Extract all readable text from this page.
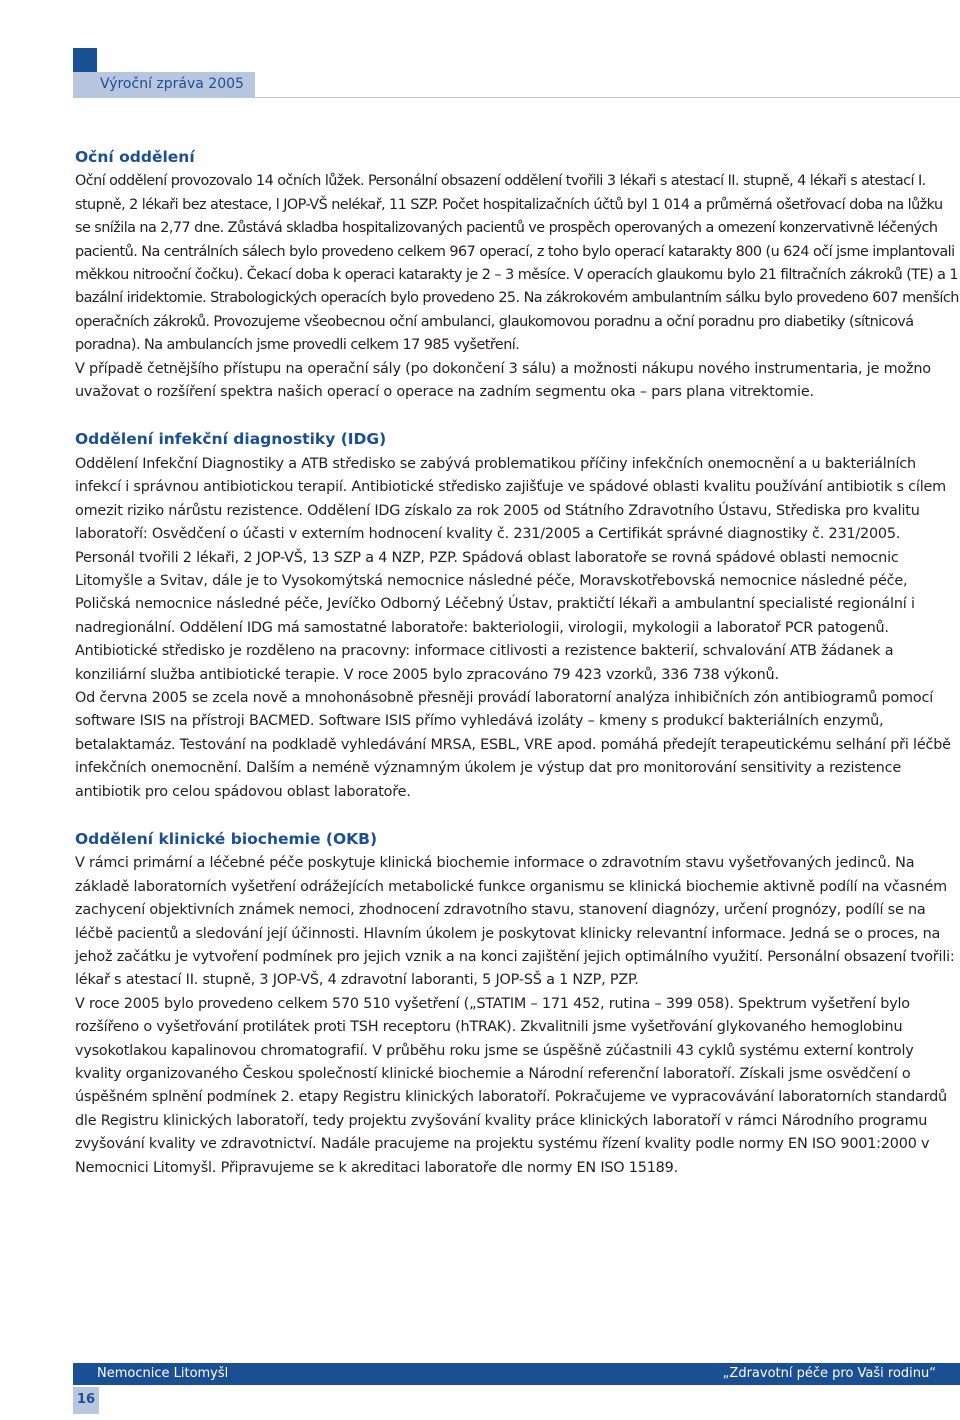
Výroční zpráva 2005
Oční oddělení

Oční oddělení provozovalo 14 očních lůžek. Personální obsazení oddělení tvořili 3 lékaři s atestací II. stupně, 4 lékaři s atestací I. stupně, 2 lékaři bez atestace, l JOP-VŠ nelékař, 11 SZP. Počet hospitalizačních účtů byl 1 014 a průměrná ošetřovací doba na lůžku se snížila na 2,77 dne. Zůstává skladba hospitalizovaných pacientů ve prospěch operovaných a omezení konzervativně léčených pacientů. Na centrálních sálech bylo provedeno celkem 967 operací, z toho bylo operací katarakty 800 (u 624 očí jsme implantovali měkkou nitrooční čočku). Čekací doba k operaci katarakty je 2 – 3 měsíce. V operacích glaukomu bylo 21 filtračních zákroků (TE) a 1 bazální iridektomie. Strabologických operacích bylo provedeno 25. Na zákrokovém ambulantním sálku bylo provedeno 607 menších operačních zákroků. Provozujeme všeobecnou oční ambulanci, glaukomovou poradnu a oční poradnu pro diabetiky (sítnicová poradna). Na ambulancích jsme provedli celkem 17 985 vyšetření.

V případě četnějšího přístupu na operační sály (po dokončení 3 sálu) a možnosti nákupu nového instrumentaria, je možno uvažovat o rozšíření spektra našich operací o operace na zadním segmentu oka – pars plana vitrektomie.

Oddělení infekční diagnostiky (IDG)

Oddělení Infekční Diagnostiky a ATB středisko se zabývá problematikou příčiny infekčních onemocnění a u bakteriálních infekcí i správnou antibiotickou terapií. Antibiotické středisko zajišťuje ve spádové oblasti kvalitu používání antibiotik s cílem omezit riziko nárůstu rezistence. Oddělení IDG získalo za rok 2005 od Státního Zdravotního Ústavu, Střediska pro kvalitu laboratoří: Osvědčení o účasti v externím hodnocení kvality č. 231/2005 a Certifikát správné diagnostiky č. 231/2005. Personál tvořili 2 lékaři, 2 JOP-VŠ, 13 SZP a 4 NZP, PZP. Spádová oblast laboratoře se rovná spádové oblasti nemocnic Litomyšle a Svitav, dále je to Vysokomýtská nemocnice následné péče, Moravskotřebovská nemocnice následné péče, Poličská nemocnice následné péče, Jevíčko Odborný Léčebný Ústav, praktičtí lékaři a ambulantní specialisté regionální i nadregionální. Oddělení IDG má samostatné laboratoře: bakteriologii, virologii, mykologii a laboratoř PCR patogenů. Antibiotické středisko je rozděleno na pracovny: informace citlivosti a rezistence bakterií, schvalování ATB žádanek a konziliární služba antibiotické terapie. V roce 2005 bylo zpracováno 79 423 vzorků, 336 738 výkonů.

Od června 2005 se zcela nově a mnohonásobně přesněji provádí laboratorní analýza inhibičních zón antibiogramů pomocí software ISIS na přístroji BACMED. Software ISIS přímo vyhledává izoláty – kmeny s produkcí bakteriálních enzymů, betalaktamáz. Testování na podkladě vyhledávání MRSA, ESBL, VRE apod. pomáhá předejít terapeutickému selhání při léčbě infekčních onemocnění. Dalším a neméně významným úkolem je výstup dat pro monitorování sensitivity a rezistence antibiotik pro celou spádovou oblast laboratoře.

Oddělení klinické biochemie (OKB)

V rámci primární a léčebné péče poskytuje klinická biochemie informace o zdravotním stavu vyšetřovaných jedinců. Na základě laboratorních vyšetření odrážejících metabolické funkce organismu se klinická biochemie aktivně podílí na včasném zachycení objektivních známek nemoci, zhodnocení zdravotního stavu, stanovení diagnózy, určení prognózy, podílí se na léčbě pacientů a sledování její účinnosti. Hlavním úkolem je poskytovat klinicky relevantní informace. Jedná se o proces, na jehož začátku je vytvoření podmínek pro jejich vznik a na konci zajištění jejich optimálního využití. Personální obsazení tvořili: lékař s atestací II. stupně, 3 JOP-VŠ, 4 zdravotní laboranti, 5 JOP-SŠ a 1 NZP, PZP.

V roce 2005 bylo provedeno celkem 570 510 vyšetření („STATIM – 171 452, rutina – 399 058). Spektrum vyšetření bylo rozšířeno o vyšetřování protilátek proti TSH receptoru (hTRAK). Zkvalitnili jsme vyšetřování glykovaného hemoglobinu vysokotlakou kapalinovou chromatografií. V průběhu roku jsme se úspěšně zúčastnili 43 cyklů systému externí kontroly kvality organizovaného Českou společností klinické biochemie a Národní referenční laboratoří. Získali jsme osvědčení o úspěšném splnění podmínek 2. etapy Registru klinických laboratoří. Pokračujeme ve vypracovávání laboratorních standardů dle Registru klinických laboratoří, tedy projektu zvyšování kvality práce klinických laboratoří v rámci Národního programu zvyšování kvality ve zdravotnictví. Nadále pracujeme na projektu systému řízení kvality podle normy EN ISO 9001:2000 v Nemocnici Litomyšl. Připravujeme se k akreditaci laboratoře dle normy EN ISO 15189.

Nemocnice Litomyšl	„Zdravotní péče pro Vaši rodinu“
16
